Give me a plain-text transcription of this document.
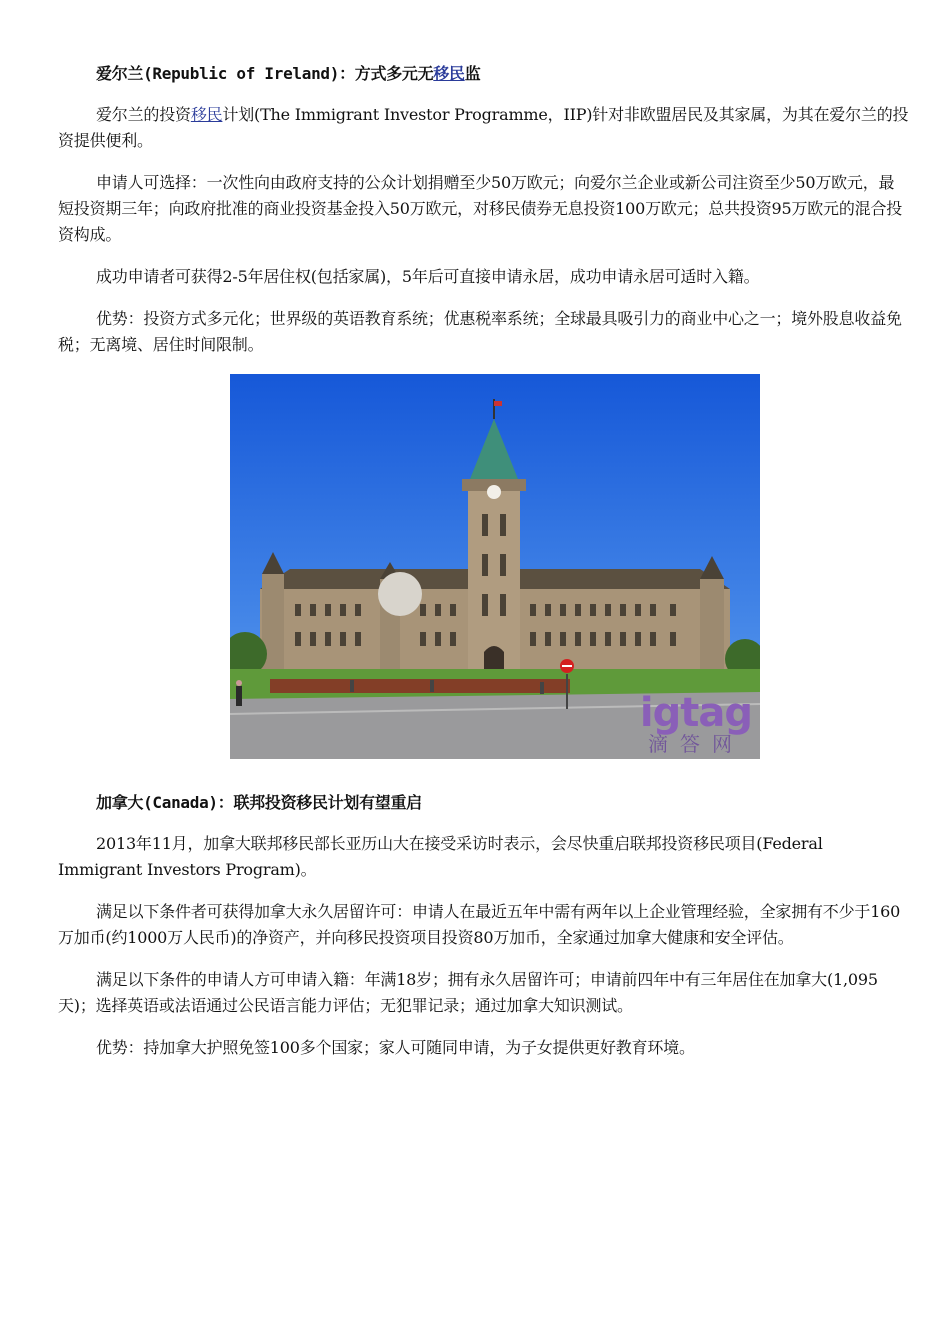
爱尔兰(Republic of Ireland)：方式多元无移民监

爱尔兰的投资移民计划(The Immigrant Investor Programme，IIP)针对非欧盟居民及其家属，为其在爱尔兰的投资提供便利。

申请人可选择：一次性向由政府支持的公众计划捐赠至少50万欧元；向爱尔兰企业或新公司注资至少50万欧元，最短投资期三年；向政府批准的商业投资基金投入50万欧元，对移民债券无息投资100万欧元；总共投资95万欧元的混合投资构成。

成功申请者可获得2-5年居住权(包括家属)，5年后可直接申请永居，成功申请永居可适时入籍。

优势：投资方式多元化；世界级的英语教育系统；优惠税率系统；全球最具吸引力的商业中心之一；境外股息收益免税；无离境、居住时间限制。

igtag
滴答网

加拿大(Canada)：联邦投资移民计划有望重启

2013年11月，加拿大联邦移民部长亚历山大在接受采访时表示，会尽快重启联邦投资移民项目(Federal Immigrant Investors Program)。

满足以下条件者可获得加拿大永久居留许可：申请人在最近五年中需有两年以上企业管理经验，全家拥有不少于160万加币(约1000万人民币)的净资产，并向移民投资项目投资80万加币，全家通过加拿大健康和安全评估。

满足以下条件的申请人方可申请入籍：年满18岁；拥有永久居留许可；申请前四年中有三年居住在加拿大(1,095天)；选择英语或法语通过公民语言能力评估；无犯罪记录；通过加拿大知识测试。

优势：持加拿大护照免签100多个国家；家人可随同申请，为子女提供更好教育环境。
